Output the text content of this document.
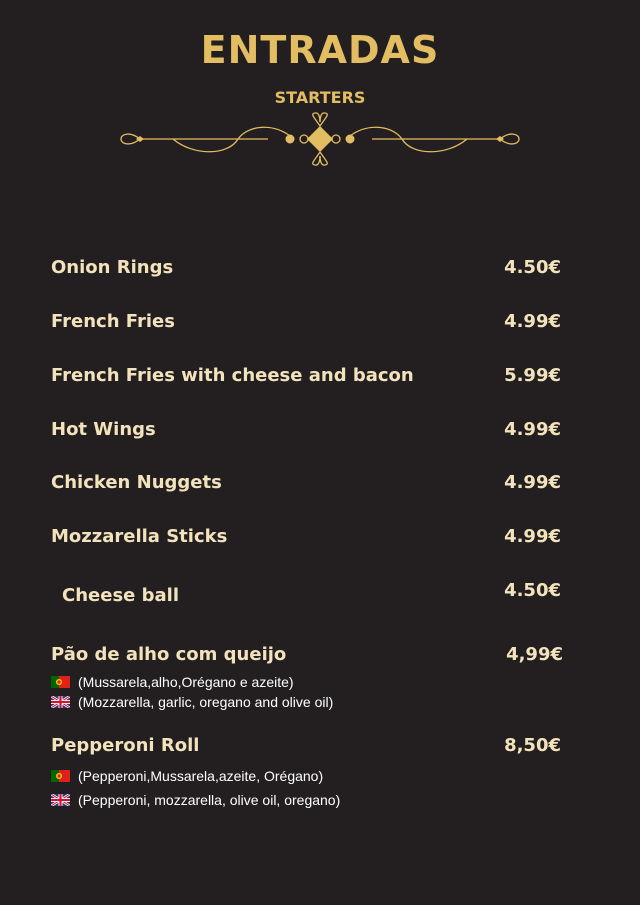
ENTRADAS
STARTERS
Onion Rings	4.50€
French Fries	4.99€
French Fries with cheese and bacon	5.99€
Hot Wings	4.99€
Chicken Nuggets	4.99€
Mozzarella Sticks	4.99€
Cheese ball	4.50€
Pão de alho com queijo	4,99€
(Mussarela,alho,Orégano e azeite)
(Mozzarella, garlic, oregano and olive oil)
Pepperoni Roll	8,50€
(Pepperoni,Mussarela,azeite, Orégano)
(Pepperoni, mozzarella, olive oil, oregano)
